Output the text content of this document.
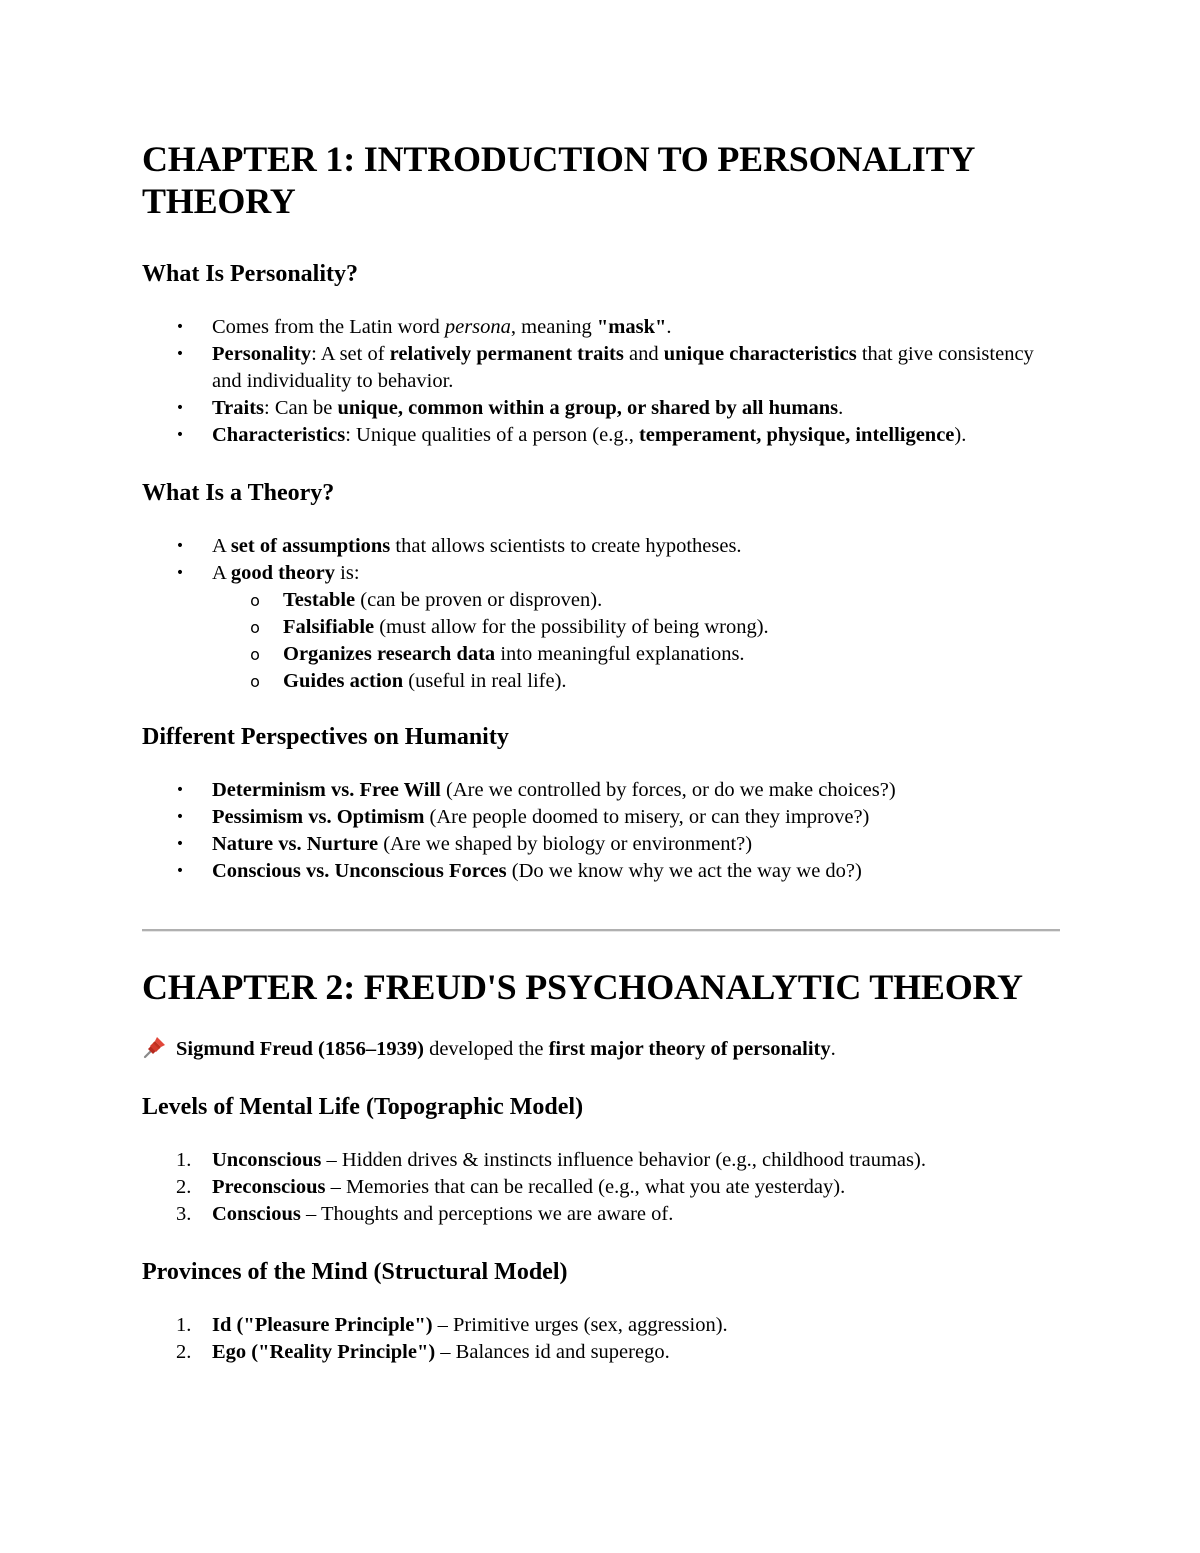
CHAPTER 1: INTRODUCTION TO PERSONALITY
THEORY
What Is Personality?
• Comes from the Latin word persona, meaning "mask".
• Personality: A set of relatively permanent traits and unique characteristics that give consistency and individuality to behavior.
• Traits: Can be unique, common within a group, or shared by all humans.
• Characteristics: Unique qualities of a person (e.g., temperament, physique, intelligence).
What Is a Theory?
• A set of assumptions that allows scientists to create hypotheses.
• A good theory is:
o Testable (can be proven or disproven).
o Falsifiable (must allow for the possibility of being wrong).
o Organizes research data into meaningful explanations.
o Guides action (useful in real life).
Different Perspectives on Humanity
• Determinism vs. Free Will (Are we controlled by forces, or do we make choices?)
• Pessimism vs. Optimism (Are people doomed to misery, or can they improve?)
• Nature vs. Nurture (Are we shaped by biology or environment?)
• Conscious vs. Unconscious Forces (Do we know why we act the way we do?)
CHAPTER 2: FREUD'S PSYCHOANALYTIC THEORY
Sigmund Freud (1856–1939) developed the first major theory of personality.
Levels of Mental Life (Topographic Model)
1. Unconscious – Hidden drives & instincts influence behavior (e.g., childhood traumas).
2. Preconscious – Memories that can be recalled (e.g., what you ate yesterday).
3. Conscious – Thoughts and perceptions we are aware of.
Provinces of the Mind (Structural Model)
1. Id ("Pleasure Principle") – Primitive urges (sex, aggression).
2. Ego ("Reality Principle") – Balances id and superego.
